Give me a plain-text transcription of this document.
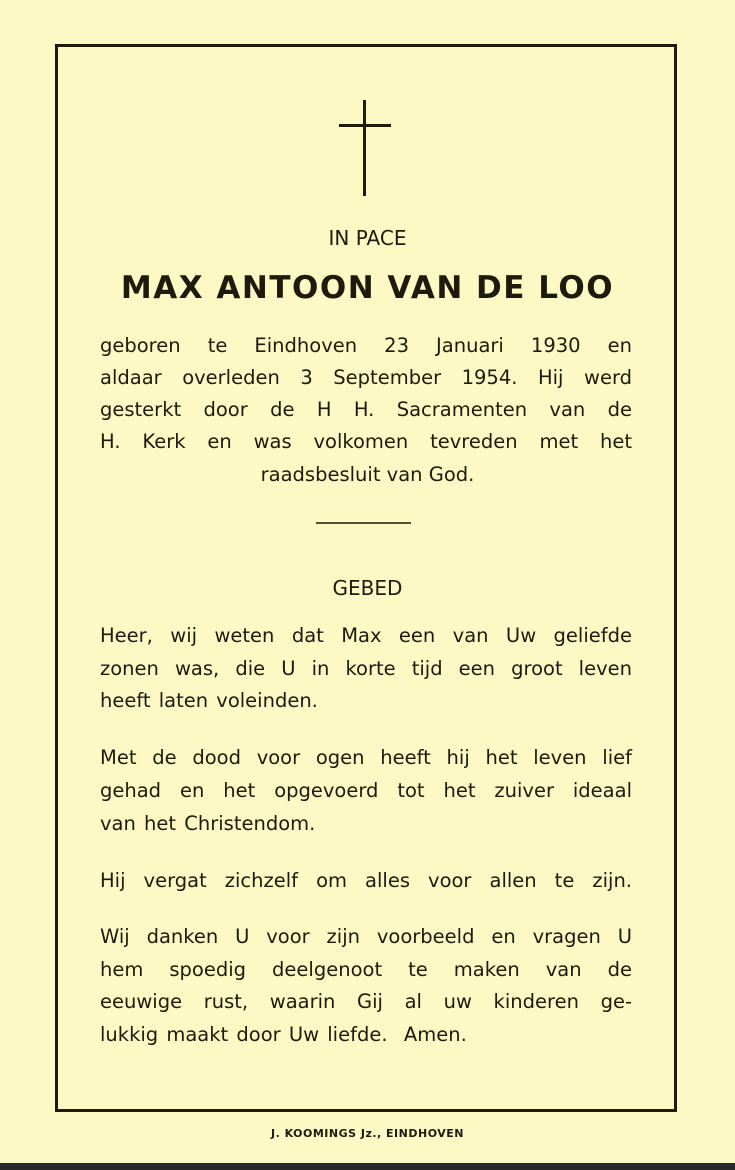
IN PACE
MAX ANTOON VAN DE LOO
geboren te Eindhoven 23 Januari 1930 en
aldaar overleden 3 September 1954. Hij werd
gesterkt door de H H. Sacramenten van de
H. Kerk en was volkomen tevreden met het
raadsbesluit van God.
GEBED
Heer, wij weten dat Max een van Uw geliefde
zonen was, die U in korte tijd een groot leven
heeft laten voleinden.
Met de dood voor ogen heeft hij het leven lief
gehad en het opgevoerd tot het zuiver ideaal
van het Christendom.
Hij vergat zichzelf om alles voor allen te zijn.
Wij danken U voor zijn voorbeeld en vragen U
hem spoedig deelgenoot te maken van de
eeuwige rust, waarin Gij al uw kinderen ge-
lukkig maakt door Uw liefde.  Amen.
J. KOOMINGS Jz., EINDHOVEN
